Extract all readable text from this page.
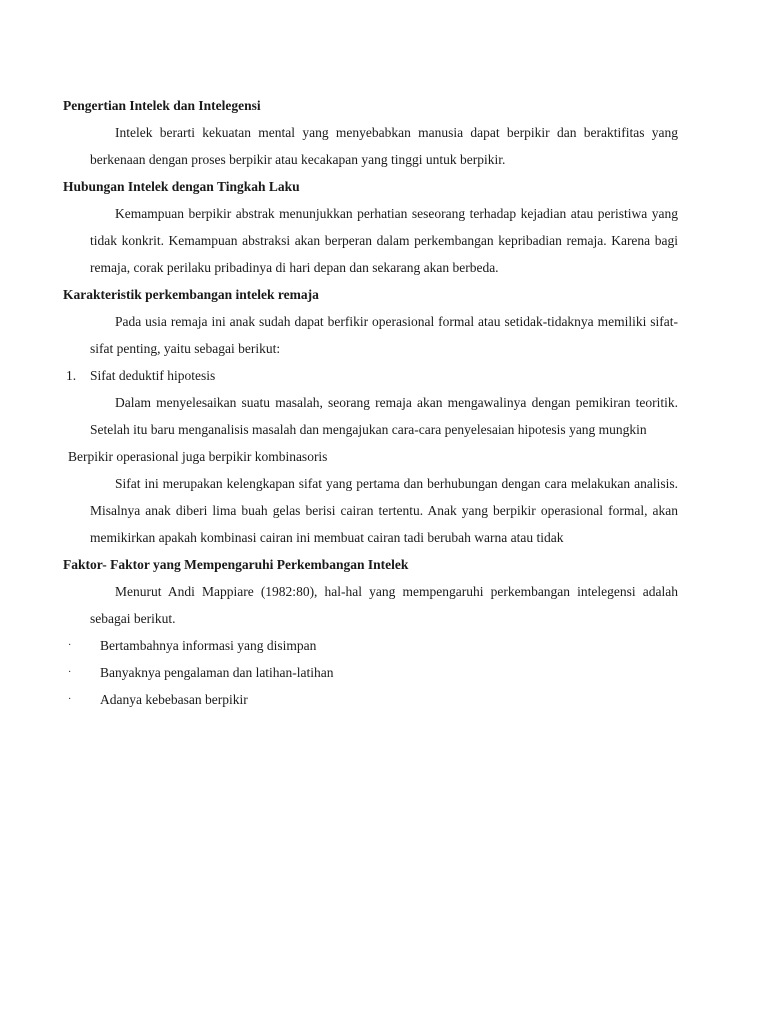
Pengertian Intelek dan Intelegensi

Intelek berarti kekuatan mental yang menyebabkan manusia dapat berpikir dan beraktifitas yang berkenaan dengan proses berpikir atau kecakapan yang tinggi untuk berpikir.

Hubungan Intelek dengan Tingkah Laku

Kemampuan berpikir abstrak menunjukkan perhatian seseorang terhadap kejadian atau peristiwa yang tidak konkrit. Kemampuan abstraksi akan berperan dalam perkembangan kepribadian remaja. Karena bagi remaja, corak perilaku pribadinya di hari depan dan sekarang akan berbeda.

Karakteristik perkembangan intelek remaja

Pada usia remaja ini anak sudah dapat berfikir operasional formal atau setidak-tidaknya memiliki sifat-sifat penting, yaitu sebagai berikut:

1. Sifat deduktif hipotesis

Dalam menyelesaikan suatu masalah, seorang remaja akan mengawalinya dengan pemikiran teoritik. Setelah itu baru menganalisis masalah dan mengajukan cara-cara penyelesaian hipotesis yang mungkin

Berpikir operasional juga berpikir kombinasoris

Sifat ini merupakan kelengkapan sifat yang pertama dan berhubungan dengan cara melakukan analisis. Misalnya anak diberi lima buah gelas berisi cairan tertentu. Anak yang berpikir operasional formal, akan memikirkan apakah kombinasi cairan ini membuat cairan tadi berubah warna atau tidak

Faktor- Faktor yang Mempengaruhi Perkembangan Intelek

Menurut Andi Mappiare (1982:80), hal-hal yang mempengaruhi perkembangan intelegensi adalah sebagai berikut.

· Bertambahnya informasi yang disimpan

· Banyaknya pengalaman dan latihan-latihan

· Adanya kebebasan berpikir
